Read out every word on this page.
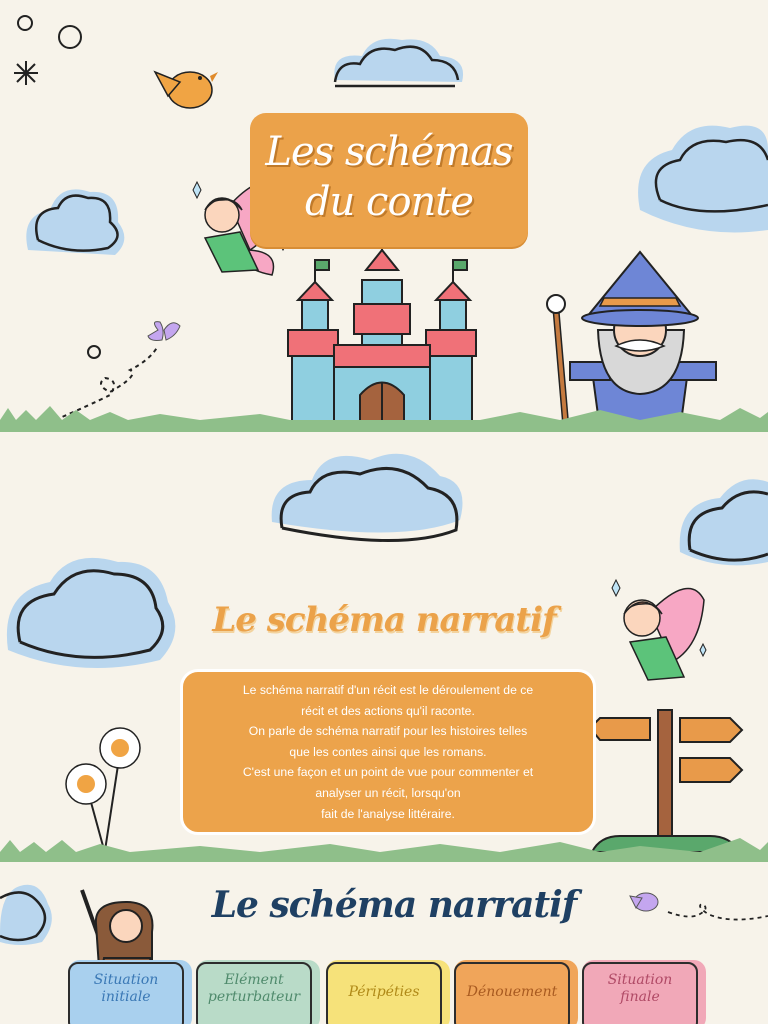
Les schémas
du conte
Le schéma narratif
Le schéma narratif d'un récit est le déroulement de ce
récit et des actions qu'il raconte.
On parle de schéma narratif pour les histoires telles
que les contes ainsi que les romans.
C'est une façon et un point de vue pour commenter et
analyser un récit, lorsqu'on
fait de l'analyse littéraire.
Le schéma narratif
Situation
initiale
Elément
perturbateur	Péripéties	Dénouement
Situation
finale
